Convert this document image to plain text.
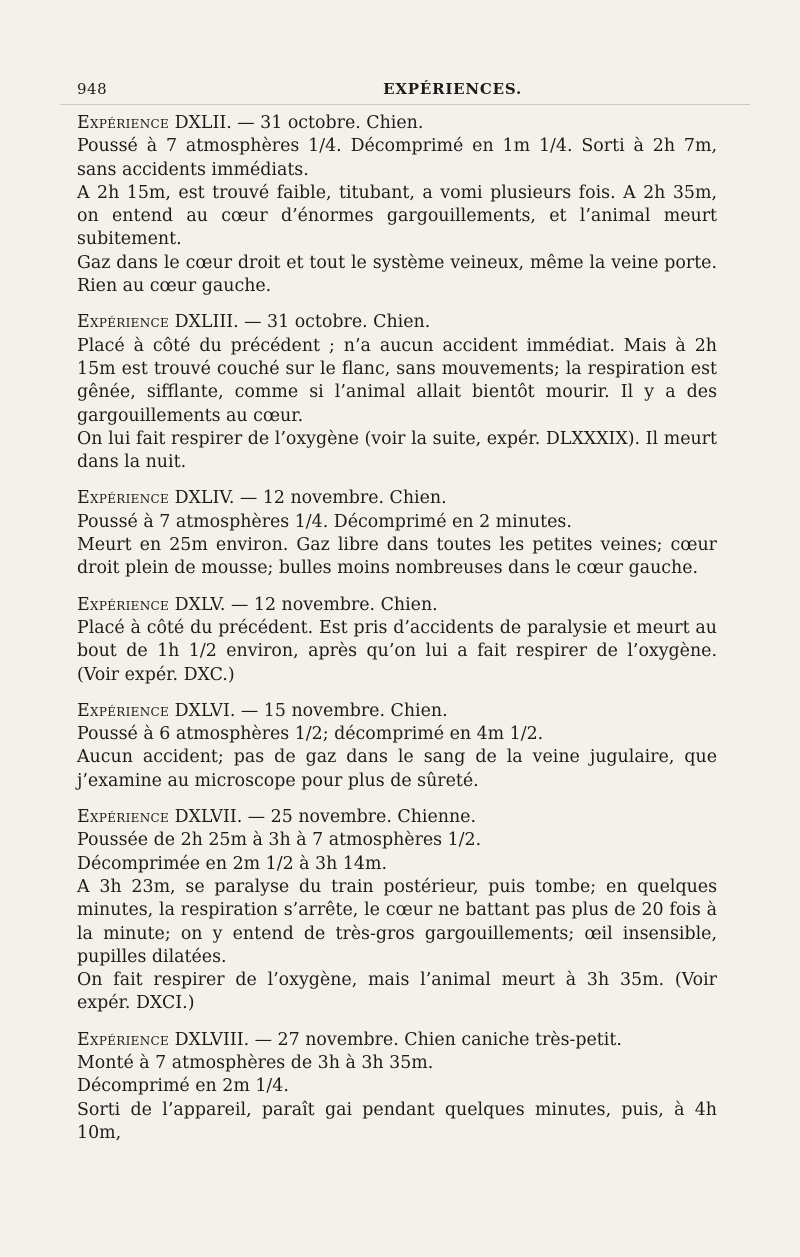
948	EXPÉRIENCES.

Expérience DXLII. — 31 octobre. Chien.

Poussé à 7 atmosphères 1/4. Décomprimé en 1m 1/4. Sorti à 2h 7m, sans accidents immédiats.

A 2h 15m, est trouvé faible, titubant, a vomi plusieurs fois. A 2h 35m, on entend au cœur d’énormes gargouillements, et l’animal meurt subitement.

Gaz dans le cœur droit et tout le système veineux, même la veine porte. Rien au cœur gauche.

Expérience DXLIII. — 31 octobre. Chien.

Placé à côté du précédent ; n’a aucun accident immédiat. Mais à 2h 15m est trouvé couché sur le flanc, sans mouvements; la respiration est gênée, sifflante, comme si l’animal allait bientôt mourir. Il y a des gargouillements au cœur.

On lui fait respirer de l’oxygène (voir la suite, expér. DLXXXIX). Il meurt dans la nuit.

Expérience DXLIV. — 12 novembre. Chien.

Poussé à 7 atmosphères 1/4. Décomprimé en 2 minutes.

Meurt en 25m environ. Gaz libre dans toutes les petites veines; cœur droit plein de mousse; bulles moins nombreuses dans le cœur gauche.

Expérience DXLV. — 12 novembre. Chien.

Placé à côté du précédent. Est pris d’accidents de paralysie et meurt au bout de 1h 1/2 environ, après qu’on lui a fait respirer de l’oxygène. (Voir expér. DXC.)

Expérience DXLVI. — 15 novembre. Chien.

Poussé à 6 atmosphères 1/2; décomprimé en 4m 1/2.

Aucun accident; pas de gaz dans le sang de la veine jugulaire, que j’examine au microscope pour plus de sûreté.

Expérience DXLVII. — 25 novembre. Chienne.

Poussée de 2h 25m à 3h à 7 atmosphères 1/2.

Décomprimée en 2m 1/2 à 3h 14m.

A 3h 23m, se paralyse du train postérieur, puis tombe; en quelques minutes, la respiration s’arrête, le cœur ne battant pas plus de 20 fois à la minute; on y entend de très-gros gargouillements; œil insensible, pupilles dilatées.

On fait respirer de l’oxygène, mais l’animal meurt à 3h 35m. (Voir expér. DXCI.)

Expérience DXLVIII. — 27 novembre. Chien caniche très-petit.

Monté à 7 atmosphères de 3h à 3h 35m.

Décomprimé en 2m 1/4.

Sorti de l’appareil, paraît gai pendant quelques minutes, puis, à 4h 10m,
